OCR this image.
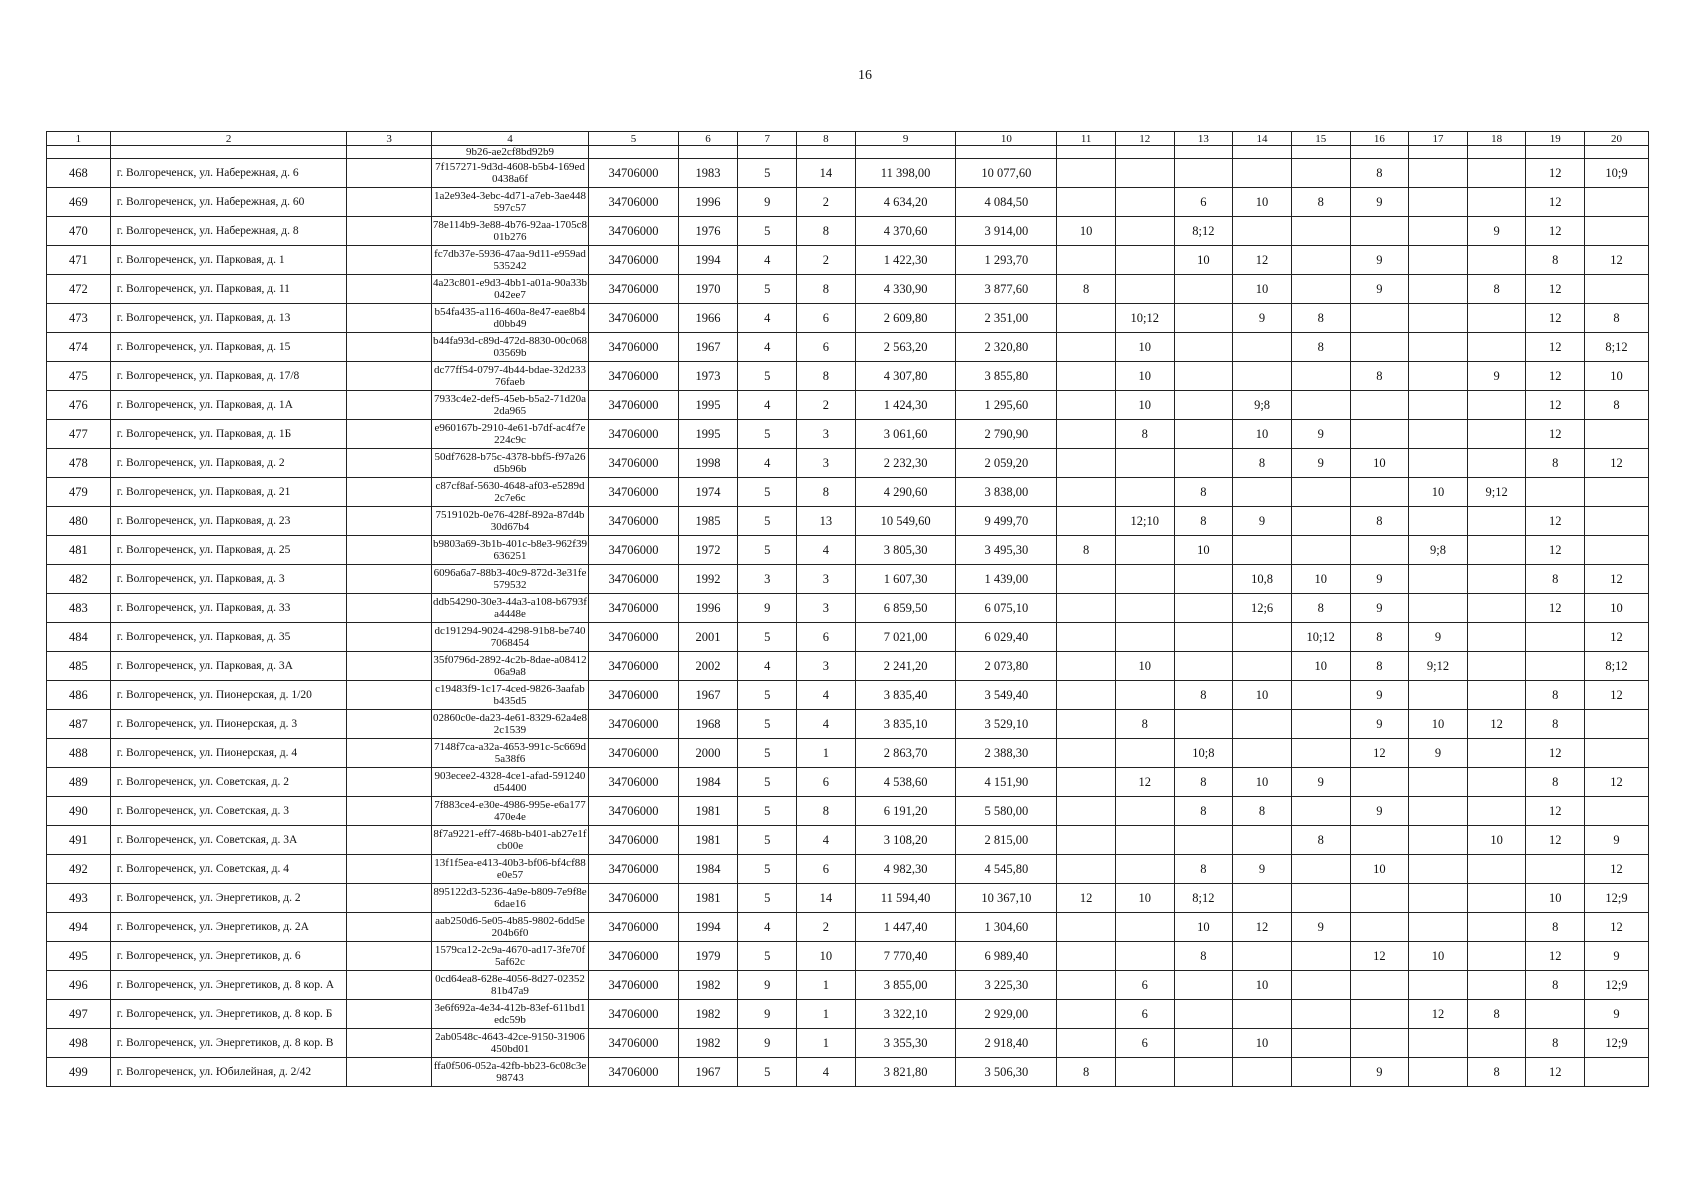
16
1	2	3	4	5	6	7	8	9	10	11	12	13	14	15	16	17	18	19	20
			9b26-ae2cf8bd92b9																
468	г. Волгореченск, ул. Набережная, д. 6		7f157271-9d3d-4608-b5b4-169ed0438a6f	34706000	1983	5	14	11 398,00	10 077,60						8			12	10;9
469	г. Волгореченск, ул. Набережная, д. 60		1a2e93e4-3ebc-4d71-a7eb-3ae448597c57	34706000	1996	9	2	4 634,20	4 084,50			6	10	8	9			12	
470	г. Волгореченск, ул. Набережная, д. 8		78e114b9-3e88-4b76-92aa-1705c801b276	34706000	1976	5	8	4 370,60	3 914,00	10		8;12					9	12	
471	г. Волгореченск, ул. Парковая, д. 1		fc7db37e-5936-47aa-9d11-e959ad535242	34706000	1994	4	2	1 422,30	1 293,70			10	12		9			8	12
472	г. Волгореченск, ул. Парковая, д. 11		4a23c801-e9d3-4bb1-a01a-90a33b042ee7	34706000	1970	5	8	4 330,90	3 877,60	8			10		9		8	12	
473	г. Волгореченск, ул. Парковая, д. 13		b54fa435-a116-460a-8e47-eae8b4d0bb49	34706000	1966	4	6	2 609,80	2 351,00		10;12		9	8				12	8
474	г. Волгореченск, ул. Парковая, д. 15		b44fa93d-c89d-472d-8830-00c06803569b	34706000	1967	4	6	2 563,20	2 320,80		10			8				12	8;12
475	г. Волгореченск, ул. Парковая, д. 17/8		dc77ff54-0797-4b44-bdae-32d23376faeb	34706000	1973	5	8	4 307,80	3 855,80		10				8		9	12	10
476	г. Волгореченск, ул. Парковая, д. 1А		7933c4e2-def5-45eb-b5a2-71d20a2da965	34706000	1995	4	2	1 424,30	1 295,60		10		9;8					12	8
477	г. Волгореченск, ул. Парковая, д. 1Б		e960167b-2910-4e61-b7df-ac4f7e224c9c	34706000	1995	5	3	3 061,60	2 790,90		8		10	9				12	
478	г. Волгореченск, ул. Парковая, д. 2		50df7628-b75c-4378-bbf5-f97a26d5b96b	34706000	1998	4	3	2 232,30	2 059,20				8	9	10			8	12
479	г. Волгореченск, ул. Парковая, д. 21		c87cf8af-5630-4648-af03-e5289d2c7e6c	34706000	1974	5	8	4 290,60	3 838,00			8				10	9;12		
480	г. Волгореченск, ул. Парковая, д. 23		7519102b-0e76-428f-892a-87d4b30d67b4	34706000	1985	5	13	10 549,60	9 499,70		12;10	8	9		8			12	
481	г. Волгореченск, ул. Парковая, д. 25		b9803a69-3b1b-401c-b8e3-962f39636251	34706000	1972	5	4	3 805,30	3 495,30	8		10				9;8		12	
482	г. Волгореченск, ул. Парковая, д. 3		6096a6a7-88b3-40c9-872d-3e31fe579532	34706000	1992	3	3	1 607,30	1 439,00				10,8	10	9			8	12
483	г. Волгореченск, ул. Парковая, д. 33		ddb54290-30e3-44a3-a108-b6793fa4448e	34706000	1996	9	3	6 859,50	6 075,10				12;6	8	9			12	10
484	г. Волгореченск, ул. Парковая, д. 35		dc191294-9024-4298-91b8-be7407068454	34706000	2001	5	6	7 021,00	6 029,40					10;12	8	9			12
485	г. Волгореченск, ул. Парковая, д. 3А		35f0796d-2892-4c2b-8dae-a0841206a9a8	34706000	2002	4	3	2 241,20	2 073,80		10			10	8	9;12			8;12
486	г. Волгореченск, ул. Пионерская, д. 1/20		c19483f9-1c17-4ced-9826-3aafabb435d5	34706000	1967	5	4	3 835,40	3 549,40			8	10		9			8	12
487	г. Волгореченск, ул. Пионерская, д. 3		02860c0e-da23-4e61-8329-62a4e82c1539	34706000	1968	5	4	3 835,10	3 529,10		8				9	10	12	8	
488	г. Волгореченск, ул. Пионерская, д. 4		7148f7ca-a32a-4653-991c-5c669d5a38f6	34706000	2000	5	1	2 863,70	2 388,30			10;8			12	9		12	
489	г. Волгореченск, ул. Советская, д. 2		903ecee2-4328-4ce1-afad-591240d54400	34706000	1984	5	6	4 538,60	4 151,90		12	8	10	9				8	12
490	г. Волгореченск, ул. Советская, д. 3		7f883ce4-e30e-4986-995e-e6a177470e4e	34706000	1981	5	8	6 191,20	5 580,00			8	8		9			12	
491	г. Волгореченск, ул. Советская, д. 3А		8f7a9221-eff7-468b-b401-ab27e1fcb00e	34706000	1981	5	4	3 108,20	2 815,00					8			10	12	9
492	г. Волгореченск, ул. Советская, д. 4		13f1f5ea-e413-40b3-bf06-bf4cf88e0e57	34706000	1984	5	6	4 982,30	4 545,80			8	9		10				12
493	г. Волгореченск, ул. Энергетиков, д. 2		895122d3-5236-4a9e-b809-7e9f8e6dae16	34706000	1981	5	14	11 594,40	10 367,10	12	10	8;12						10	12;9
494	г. Волгореченск, ул. Энергетиков, д. 2А		aab250d6-5e05-4b85-9802-6dd5e204b6f0	34706000	1994	4	2	1 447,40	1 304,60			10	12	9				8	12
495	г. Волгореченск, ул. Энергетиков, д. 6		1579ca12-2c9a-4670-ad17-3fe70f5af62c	34706000	1979	5	10	7 770,40	6 989,40			8			12	10		12	9
496	г. Волгореченск, ул. Энергетиков, д. 8 кор. А		0cd64ea8-628e-4056-8d27-0235281b47a9	34706000	1982	9	1	3 855,00	3 225,30		6		10					8	12;9
497	г. Волгореченск, ул. Энергетиков, д. 8 кор. Б		3e6f692a-4e34-412b-83ef-611bd1edc59b	34706000	1982	9	1	3 322,10	2 929,00		6					12	8		9
498	г. Волгореченск, ул. Энергетиков, д. 8 кор. В		2ab0548c-4643-42ce-9150-31906450bd01	34706000	1982	9	1	3 355,30	2 918,40		6		10					8	12;9
499	г. Волгореченск, ул. Юбилейная, д. 2/42		ffa0f506-052a-42fb-bb23-6c08c3e98743	34706000	1967	5	4	3 821,80	3 506,30	8					9		8	12	
